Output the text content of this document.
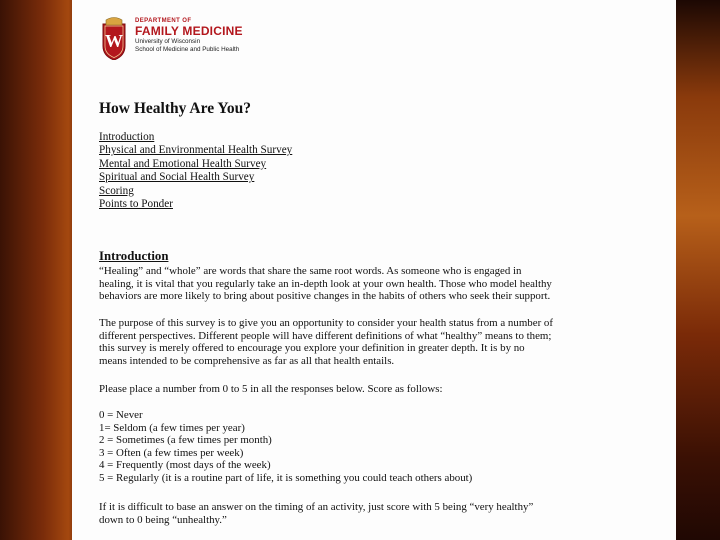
W
DEPARTMENT OF
FAMILY MEDICINE
University of Wisconsin
School of Medicine and Public Health
How Healthy Are You?
Introduction
Physical and Environmental Health Survey
Mental and Emotional Health Survey
Spiritual and Social Health Survey
Scoring
Points to Ponder
Introduction
“Healing” and “whole” are words that share the same root words. As someone who is engaged in
healing, it is vital that you regularly take an in-depth look at your own health. Those who model healthy
behaviors are more likely to bring about positive changes in the habits of others who seek their support.
The purpose of this survey is to give you an opportunity to consider your health status from a number of
different perspectives. Different people will have different definitions of what “healthy” means to them;
this survey is merely offered to encourage you explore your definition in greater depth. It is by no
means intended to be comprehensive as far as all that health entails.
Please place a number from 0 to 5 in all the responses below. Score as follows:
0 = Never
1= Seldom (a few times per year)
2 = Sometimes (a few times per month)
3 = Often (a few times per week)
4 = Frequently (most days of the week)
5 = Regularly (it is a routine part of life, it is something you could teach others about)
If it is difficult to base an answer on the timing of an activity, just score with 5 being “very healthy”
down to 0 being “unhealthy.”
